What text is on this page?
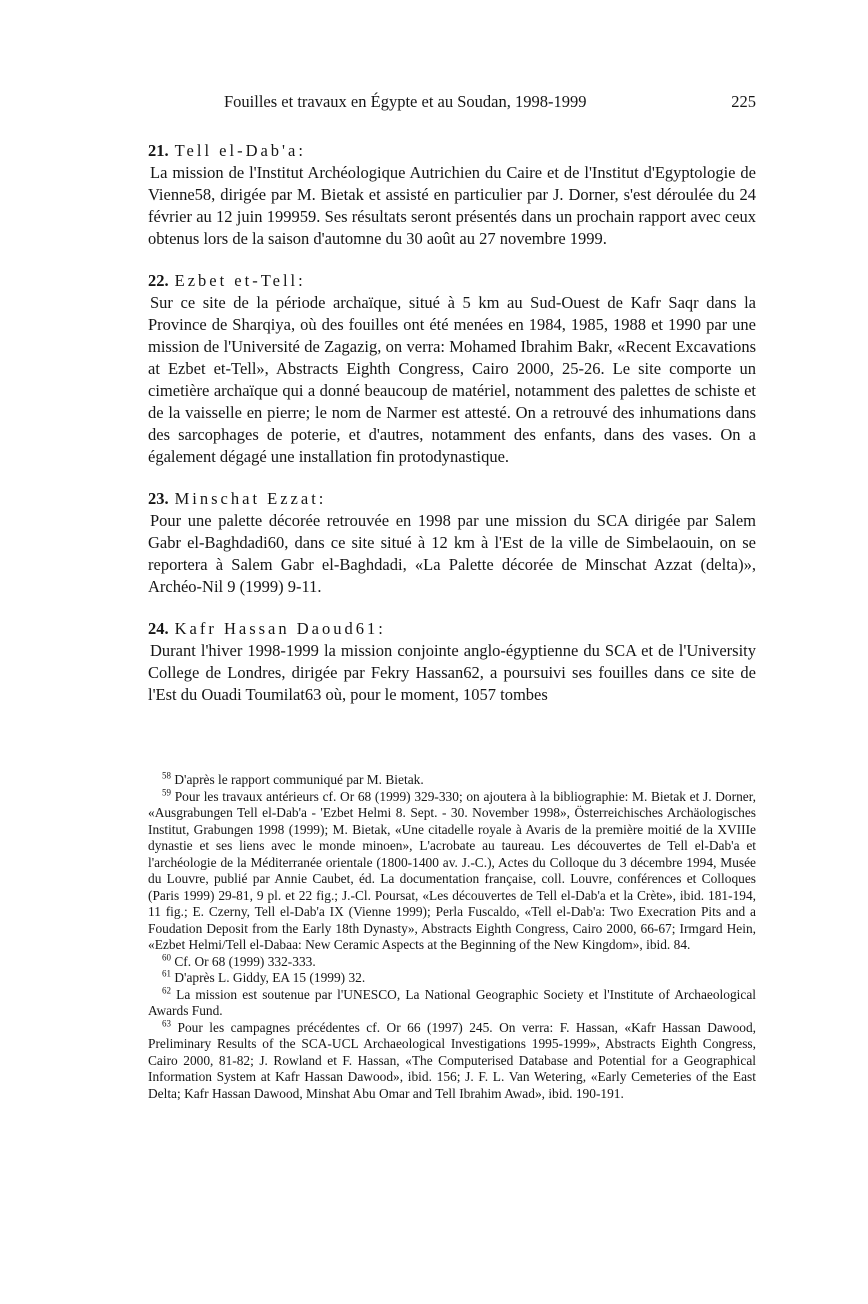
Fouilles et travaux en Égypte et au Soudan, 1998-1999	225
21. Tell el-Dab'a:

La mission de l'Institut Archéologique Autrichien du Caire et de l'Institut d'Egyptologie de Vienne58, dirigée par M. Bietak et assisté en particulier par J. Dorner, s'est déroulée du 24 février au 12 juin 199959. Ses résultats seront présentés dans un prochain rapport avec ceux obtenus lors de la saison d'automne du 30 août au 27 novembre 1999.

22. Ezbet et-Tell:

Sur ce site de la période archaïque, situé à 5 km au Sud-Ouest de Kafr Saqr dans la Province de Sharqiya, où des fouilles ont été menées en 1984, 1985, 1988 et 1990 par une mission de l'Université de Zagazig, on verra: Mohamed Ibrahim Bakr, «Recent Excavations at Ezbet et-Tell», Abstracts Eighth Congress, Cairo 2000, 25-26. Le site comporte un cimetière archaïque qui a donné beaucoup de matériel, notamment des palettes de schiste et de la vaisselle en pierre; le nom de Narmer est attesté. On a retrouvé des inhumations dans des sarcophages de poterie, et d'autres, notamment des enfants, dans des vases. On a également dégagé une installation fin protodynastique.

23. Minschat Ezzat:

Pour une palette décorée retrouvée en 1998 par une mission du SCA dirigée par Salem Gabr el-Baghdadi60, dans ce site situé à 12 km à l'Est de la ville de Simbelaouin, on se reportera à Salem Gabr el-Baghdadi, «La Palette décorée de Minschat Azzat (delta)», Archéo-Nil 9 (1999) 9-11.

24. Kafr Hassan Daoud61:

Durant l'hiver 1998-1999 la mission conjointe anglo-égyptienne du SCA et de l'University College de Londres, dirigée par Fekry Hassan62, a poursuivi ses fouilles dans ce site de l'Est du Ouadi Toumilat63 où, pour le moment, 1057 tombes

$^{58}$ D'après le rapport communiqué par M. Bietak.

$^{59}$ Pour les travaux antérieurs cf. Or 68 (1999) 329-330; on ajoutera à la bibliographie: M. Bietak et J. Dorner, «Ausgrabungen Tell el-Dab'a - 'Ezbet Helmi 8. Sept. - 30. November 1998», Österreichisches Archäologisches Institut, Grabungen 1998 (1999); M. Bietak, «Une citadelle royale à Avaris de la première moitié de la XVIIIe dynastie et ses liens avec le monde minoen», L'acrobate au taureau. Les découvertes de Tell el-Dab'a et l'archéologie de la Méditerranée orientale (1800-1400 av. J.-C.), Actes du Colloque du 3 décembre 1994, Musée du Louvre, publié par Annie Caubet, éd. La documentation française, coll. Louvre, conférences et Colloques (Paris 1999) 29-81, 9 pl. et 22 fig.; J.-Cl. Poursat, «Les découvertes de Tell el-Dab'a et la Crète», ibid. 181-194, 11 fig.; E. Czerny, Tell el-Dab'a IX (Vienne 1999); Perla Fuscaldo, «Tell el-Dab'a: Two Execration Pits and a Foudation Deposit from the Early 18th Dynasty», Abstracts Eighth Congress, Cairo 2000, 66-67; Irmgard Hein, «Ezbet Helmi/Tell el-Dabaa: New Ceramic Aspects at the Beginning of the New Kingdom», ibid. 84.

$^{60}$ Cf. Or 68 (1999) 332-333.

$^{61}$ D'après L. Giddy, EA 15 (1999) 32.

$^{62}$ La mission est soutenue par l'UNESCO, La National Geographic Society et l'Institute of Archaeological Awards Fund.

$^{63}$ Pour les campagnes précédentes cf. Or 66 (1997) 245. On verra: F. Hassan, «Kafr Hassan Dawood, Preliminary Results of the SCA-UCL Archaeological Investigations 1995-1999», Abstracts Eighth Congress, Cairo 2000, 81-82; J. Rowland et F. Hassan, «The Computerised Database and Potential for a Geographical Information System at Kafr Hassan Dawood», ibid. 156; J. F. L. Van Wetering, «Early Cemeteries of the East Delta; Kafr Hassan Dawood, Minshat Abu Omar and Tell Ibrahim Awad», ibid. 190-191.
